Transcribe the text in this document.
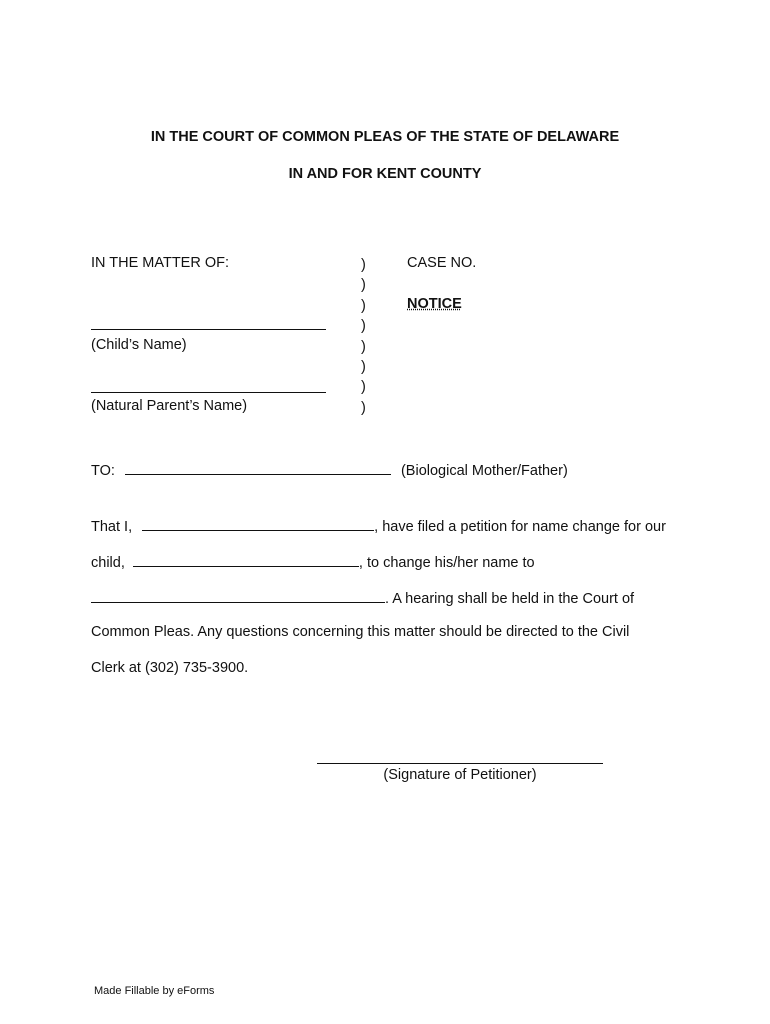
IN THE COURT OF COMMON PLEAS OF THE STATE OF DELAWARE
IN AND FOR KENT COUNTY
IN THE MATTER OF:
(Child’s Name)
(Natural Parent’s Name)
)
)
)
)
)
)
)
)
CASE NO.
NOTICE
TO:	(Biological Mother/Father)
That I,	, have filed a petition for name change for our
child,	, to change his/her name to
. A hearing shall be held in the Court of
Common Pleas. Any questions concerning this matter should be directed to the Civil
Clerk at (302) 735-3900.
(Signature of Petitioner)
Made Fillable by eForms
